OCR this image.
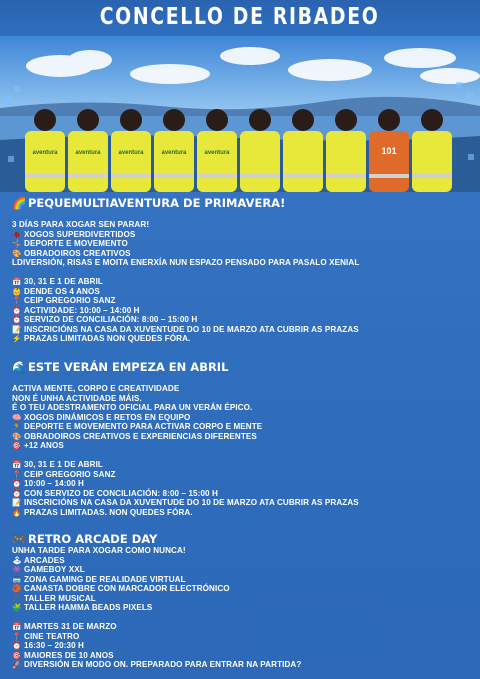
CONCELLO DE RIBADEO
aventura	aventura	aventura	aventura	aventura	101
🌈 PEQUEMULTIAVENTURA DE PRIMAVERA!
3 DÍAS PARA XOGAR SEN PARAR!
🐞 XOGOS SUPERDIVERTIDOS
🤸 DEPORTE E MOVEMENTO
🎨 OBRADOIROS CREATIVOS
LDIVERSIÓN, RISAS E MOITA ENERXÍA NUN ESPAZO PENSADO PARA PASALO XENIAL
📅 30, 31 E 1 DE ABRIL
👶 DENDE OS 4 ANOS
📍 CEIP GREGORIO SANZ
⏰ ACTIVIDADE: 10:00 – 14:00 H
⏰ SERVIZO DE CONCILIACIÓN: 8:00 – 15:00 H
📝 INSCRICIÓNS NA CASA DA XUVENTUDE DO 10 DE MARZO ATA CUBRIR AS PRAZAS
⚡ PRAZAS LIMITADAS NON QUEDES FÓRA.
🌊 ESTE VERÁN EMPEZA EN ABRIL
ACTIVA MENTE, CORPO E CREATIVIDADE
NON É UNHA ACTIVIDADE MÁIS.
É O TEU ADESTRAMENTO OFICIAL PARA UN VERÁN ÉPICO.
🧠 XOGOS DINÁMICOS E RETOS EN EQUIPO
🏃 DEPORTE E MOVEMENTO PARA ACTIVAR CORPO E MENTE
🎨 OBRADOIROS CREATIVOS E EXPERIENCIAS DIFERENTES
🎯 +12 ANOS
📅 30, 31 E 1 DE ABRIL
📍 CEIP GREGORIO SANZ
⏰ 10:00 – 14:00 H
⏰ CON SERVIZO DE CONCILIACIÓN: 8:00 – 15:00 H
📝 INSCRICIÓNS NA CASA DA XUVENTUDE DO 10 DE MARZO ATA CUBRIR AS PRAZAS
🔥 PRAZAS LIMITADAS. NON QUEDES FÓRA.
🎮 RETRO ARCADE DAY
UNHA TARDE PARA XOGAR COMO NUNCA!
🕹 ARCADES
👾 GAMEBOY XXL
🥽 ZONA GAMING DE REALIDADE VIRTUAL
🏀 CANASTA DOBRE CON MARCADOR ELECTRÓNICO
🎵 TALLER MUSICAL
🧩 TALLER HAMMA BEADS PIXELS
📅 MARTES 31 DE MARZO
📍 CINE TEATRO
⏰ 16:30 – 20:30 H
🎯 MAIORES DE 10 ANOS
🚀 DIVERSIÓN EN MODO ON. PREPARADO PARA ENTRAR NA PARTIDA?
